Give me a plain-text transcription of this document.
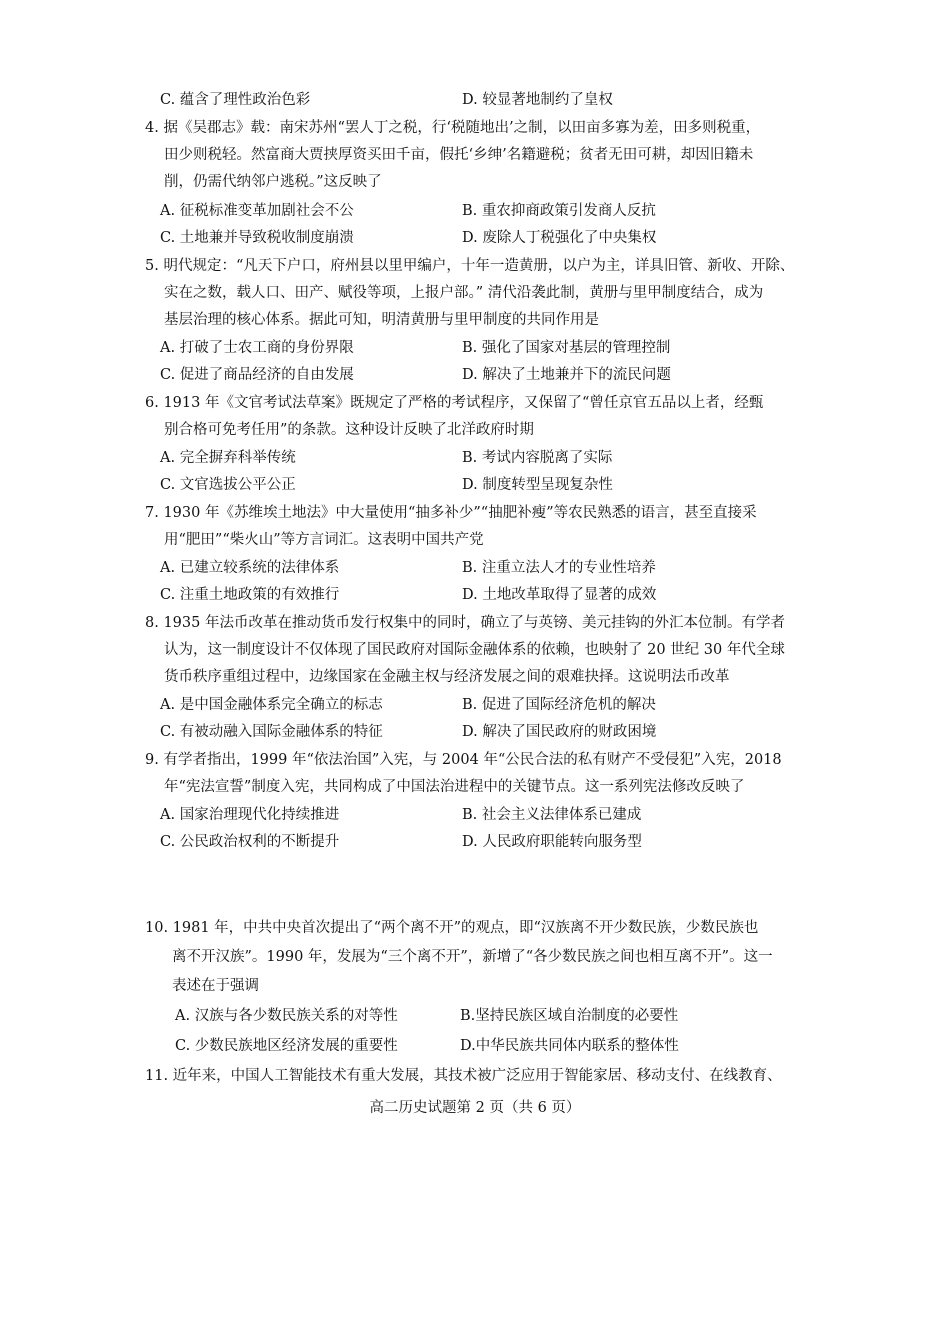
C. 蕴含了理性政治色彩	D. 较显著地制约了皇权
4. 据《吴郡志》载：南宋苏州“罢人丁之税，行‘税随地出’之制，以田亩多寡为差，田多则税重，
田少则税轻。然富商大贾挟厚资买田千亩，假托‘乡绅’名籍避税；贫者无田可耕，却因旧籍未
削，仍需代纳邻户逃税。”这反映了
A. 征税标准变革加剧社会不公	B. 重农抑商政策引发商人反抗
C. 土地兼并导致税收制度崩溃	D. 废除人丁税强化了中央集权
5. 明代规定：“凡天下户口，府州县以里甲编户，十年一造黄册，以户为主，详具旧管、新收、开除、
实在之数，载人口、田产、赋役等项，上报户部。” 清代沿袭此制，黄册与里甲制度结合，成为
基层治理的核心体系。据此可知，明清黄册与里甲制度的共同作用是
A. 打破了士农工商的身份界限	B. 强化了国家对基层的管理控制
C. 促进了商品经济的自由发展	D. 解决了土地兼并下的流民问题
6. 1913 年《文官考试法草案》既规定了严格的考试程序，又保留了“曾任京官五品以上者，经甄
别合格可免考任用”的条款。这种设计反映了北洋政府时期
A. 完全摒弃科举传统	B. 考试内容脱离了实际
C. 文官选拔公平公正	D. 制度转型呈现复杂性
7. 1930 年《苏维埃土地法》中大量使用“抽多补少”“抽肥补瘦”等农民熟悉的语言，甚至直接采
用“肥田”“柴火山”等方言词汇。这表明中国共产党
A. 已建立较系统的法律体系	B. 注重立法人才的专业性培养
C. 注重土地政策的有效推行	D. 土地改革取得了显著的成效
8. 1935 年法币改革在推动货币发行权集中的同时，确立了与英镑、美元挂钩的外汇本位制。有学者
认为，这一制度设计不仅体现了国民政府对国际金融体系的依赖，也映射了 20 世纪 30 年代全球
货币秩序重组过程中，边缘国家在金融主权与经济发展之间的艰难抉择。这说明法币改革
A. 是中国金融体系完全确立的标志	B. 促进了国际经济危机的解决
C. 有被动融入国际金融体系的特征	D. 解决了国民政府的财政困境
9. 有学者指出，1999 年“依法治国”入宪，与 2004 年“公民合法的私有财产不受侵犯”入宪，2018
年“宪法宣誓”制度入宪，共同构成了中国法治进程中的关键节点。这一系列宪法修改反映了
A. 国家治理现代化持续推进	B. 社会主义法律体系已建成
C. 公民政治权利的不断提升	D. 人民政府职能转向服务型
10. 1981 年，中共中央首次提出了“两个离不开”的观点，即“汉族离不开少数民族，少数民族也
离不开汉族”。1990 年，发展为“三个离不开”，新增了“各少数民族之间也相互离不开”。这一
表述在于强调
A. 汉族与各少数民族关系的对等性	B.坚持民族区域自治制度的必要性
C. 少数民族地区经济发展的重要性	D.中华民族共同体内联系的整体性
11. 近年来，中国人工智能技术有重大发展，其技术被广泛应用于智能家居、移动支付、在线教育、
高二历史试题第 2 页（共 6 页）
